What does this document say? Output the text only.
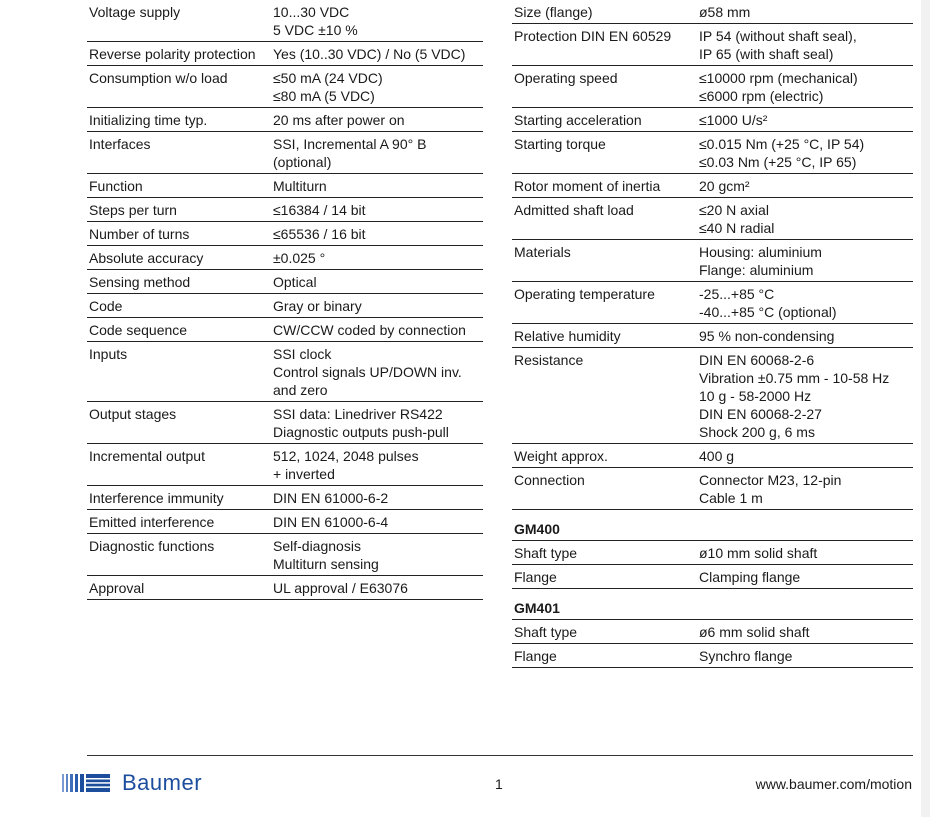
Voltage supply	10...30 VDC
5 VDC ±10 %

Reverse polarity protection	Yes (10..30 VDC) / No (5 VDC)

Consumption w/o load	≤50 mA (24 VDC)
≤80 mA (5 VDC)

Initializing time typ.	20 ms after power on

Interfaces	SSI, Incremental A 90° B
(optional)

Function	Multiturn

Steps per turn	≤16384 / 14 bit

Number of turns	≤65536 / 16 bit

Absolute accuracy	±0.025 °

Sensing method	Optical

Code	Gray or binary

Code sequence	CW/CCW coded by connection

Inputs	SSI clock
Control signals UP/DOWN inv.
and zero

Output stages	SSI data: Linedriver RS422
Diagnostic outputs push-pull

Incremental output	512, 1024, 2048 pulses
+ inverted

Interference immunity	DIN EN 61000-6-2

Emitted interference	DIN EN 61000-6-4

Diagnostic functions	Self-diagnosis
Multiturn sensing

Approval	UL approval / E63076
Size (flange)	ø58 mm

Protection DIN EN 60529	IP 54 (without shaft seal),
IP 65 (with shaft seal)

Operating speed	≤10000 rpm (mechanical)
≤6000 rpm (electric)

Starting acceleration	≤1000 U/s²

Starting torque	≤0.015 Nm (+25 °C, IP 54)
≤0.03 Nm (+25 °C, IP 65)

Rotor moment of inertia	20 gcm²

Admitted shaft load	≤20 N axial
≤40 N radial

Materials	Housing: aluminium
Flange: aluminium

Operating temperature	-25...+85 °C
-40...+85 °C (optional)

Relative humidity	95 % non-condensing

Resistance	DIN EN 60068-2-6
Vibration ±0.75 mm - 10-58 Hz
10 g - 58-2000 Hz
DIN EN 60068-2-27
Shock 200 g, 6 ms

Weight approx.	400 g

Connection	Connector M23, 12-pin
Cable 1 m

GM400	
Shaft type	ø10 mm solid shaft

Flange	Clamping flange

GM401	
Shaft type	ø6 mm solid shaft

Flange	Synchro flange
Baumer	1	www.baumer.com/motion
